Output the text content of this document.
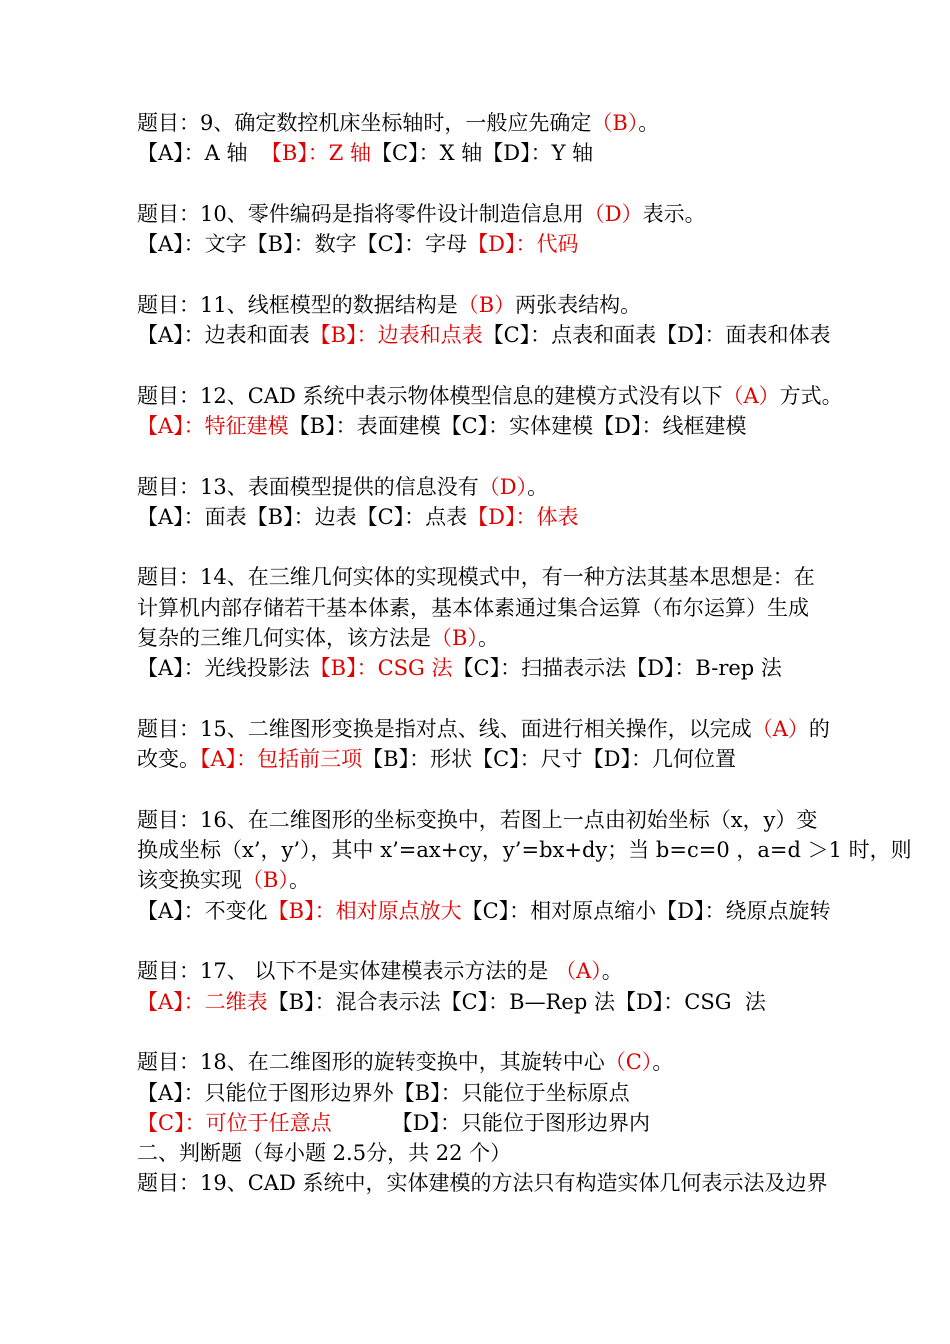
题目：9、确定数控机床坐标轴时，一般应先确定（B）。
【A】：A 轴  【B】：Z 轴【C】：X 轴【D】：Y 轴
题目：10、零件编码是指将零件设计制造信息用（D）表示。
【A】：文字【B】：数字【C】：字母【D】：代码
题目：11、线框模型的数据结构是（B）两张表结构。
【A】：边表和面表【B】：边表和点表【C】：点表和面表【D】：面表和体表
题目：12、CAD 系统中表示物体模型信息的建模方式没有以下（A）方式。
【A】：特征建模【B】：表面建模【C】：实体建模【D】：线框建模
题目：13、表面模型提供的信息没有（D）。
【A】：面表【B】：边表【C】：点表【D】：体表
题目：14、在三维几何实体的实现模式中，有一种方法其基本思想是：在
计算机内部存储若干基本体素，基本体素通过集合运算（布尔运算）生成
复杂的三维几何实体，该方法是（B）。
【A】：光线投影法【B】：CSG 法【C】：扫描表示法【D】：B-rep 法
题目：15、二维图形变换是指对点、线、面进行相关操作，以完成（A）的
改变。【A】：包括前三项【B】：形状【C】：尺寸【D】：几何位置
题目：16、在二维图形的坐标变换中，若图上一点由初始坐标（x，y）变
换成坐标（x’，y’），其中 x’=ax+cy，y’=bx+dy；当 b=c=0 ，a=d ＞1 时，则
该变换实现（B）。
【A】：不变化【B】：相对原点放大【C】：相对原点缩小【D】：绕原点旋转
题目：17、 以下不是实体建模表示方法的是 （A）。
【A】：二维表【B】：混合表示法【C】：B—Rep 法【D】：CSG  法
题目：18、在二维图形的旋转变换中，其旋转中心（C）。
【A】：只能位于图形边界外【B】：只能位于坐标原点
【C】：可位于任意点         【D】：只能位于图形边界内
二、判断题（每小题 2.5分，共 22 个）
题目：19、CAD 系统中，实体建模的方法只有构造实体几何表示法及边界
